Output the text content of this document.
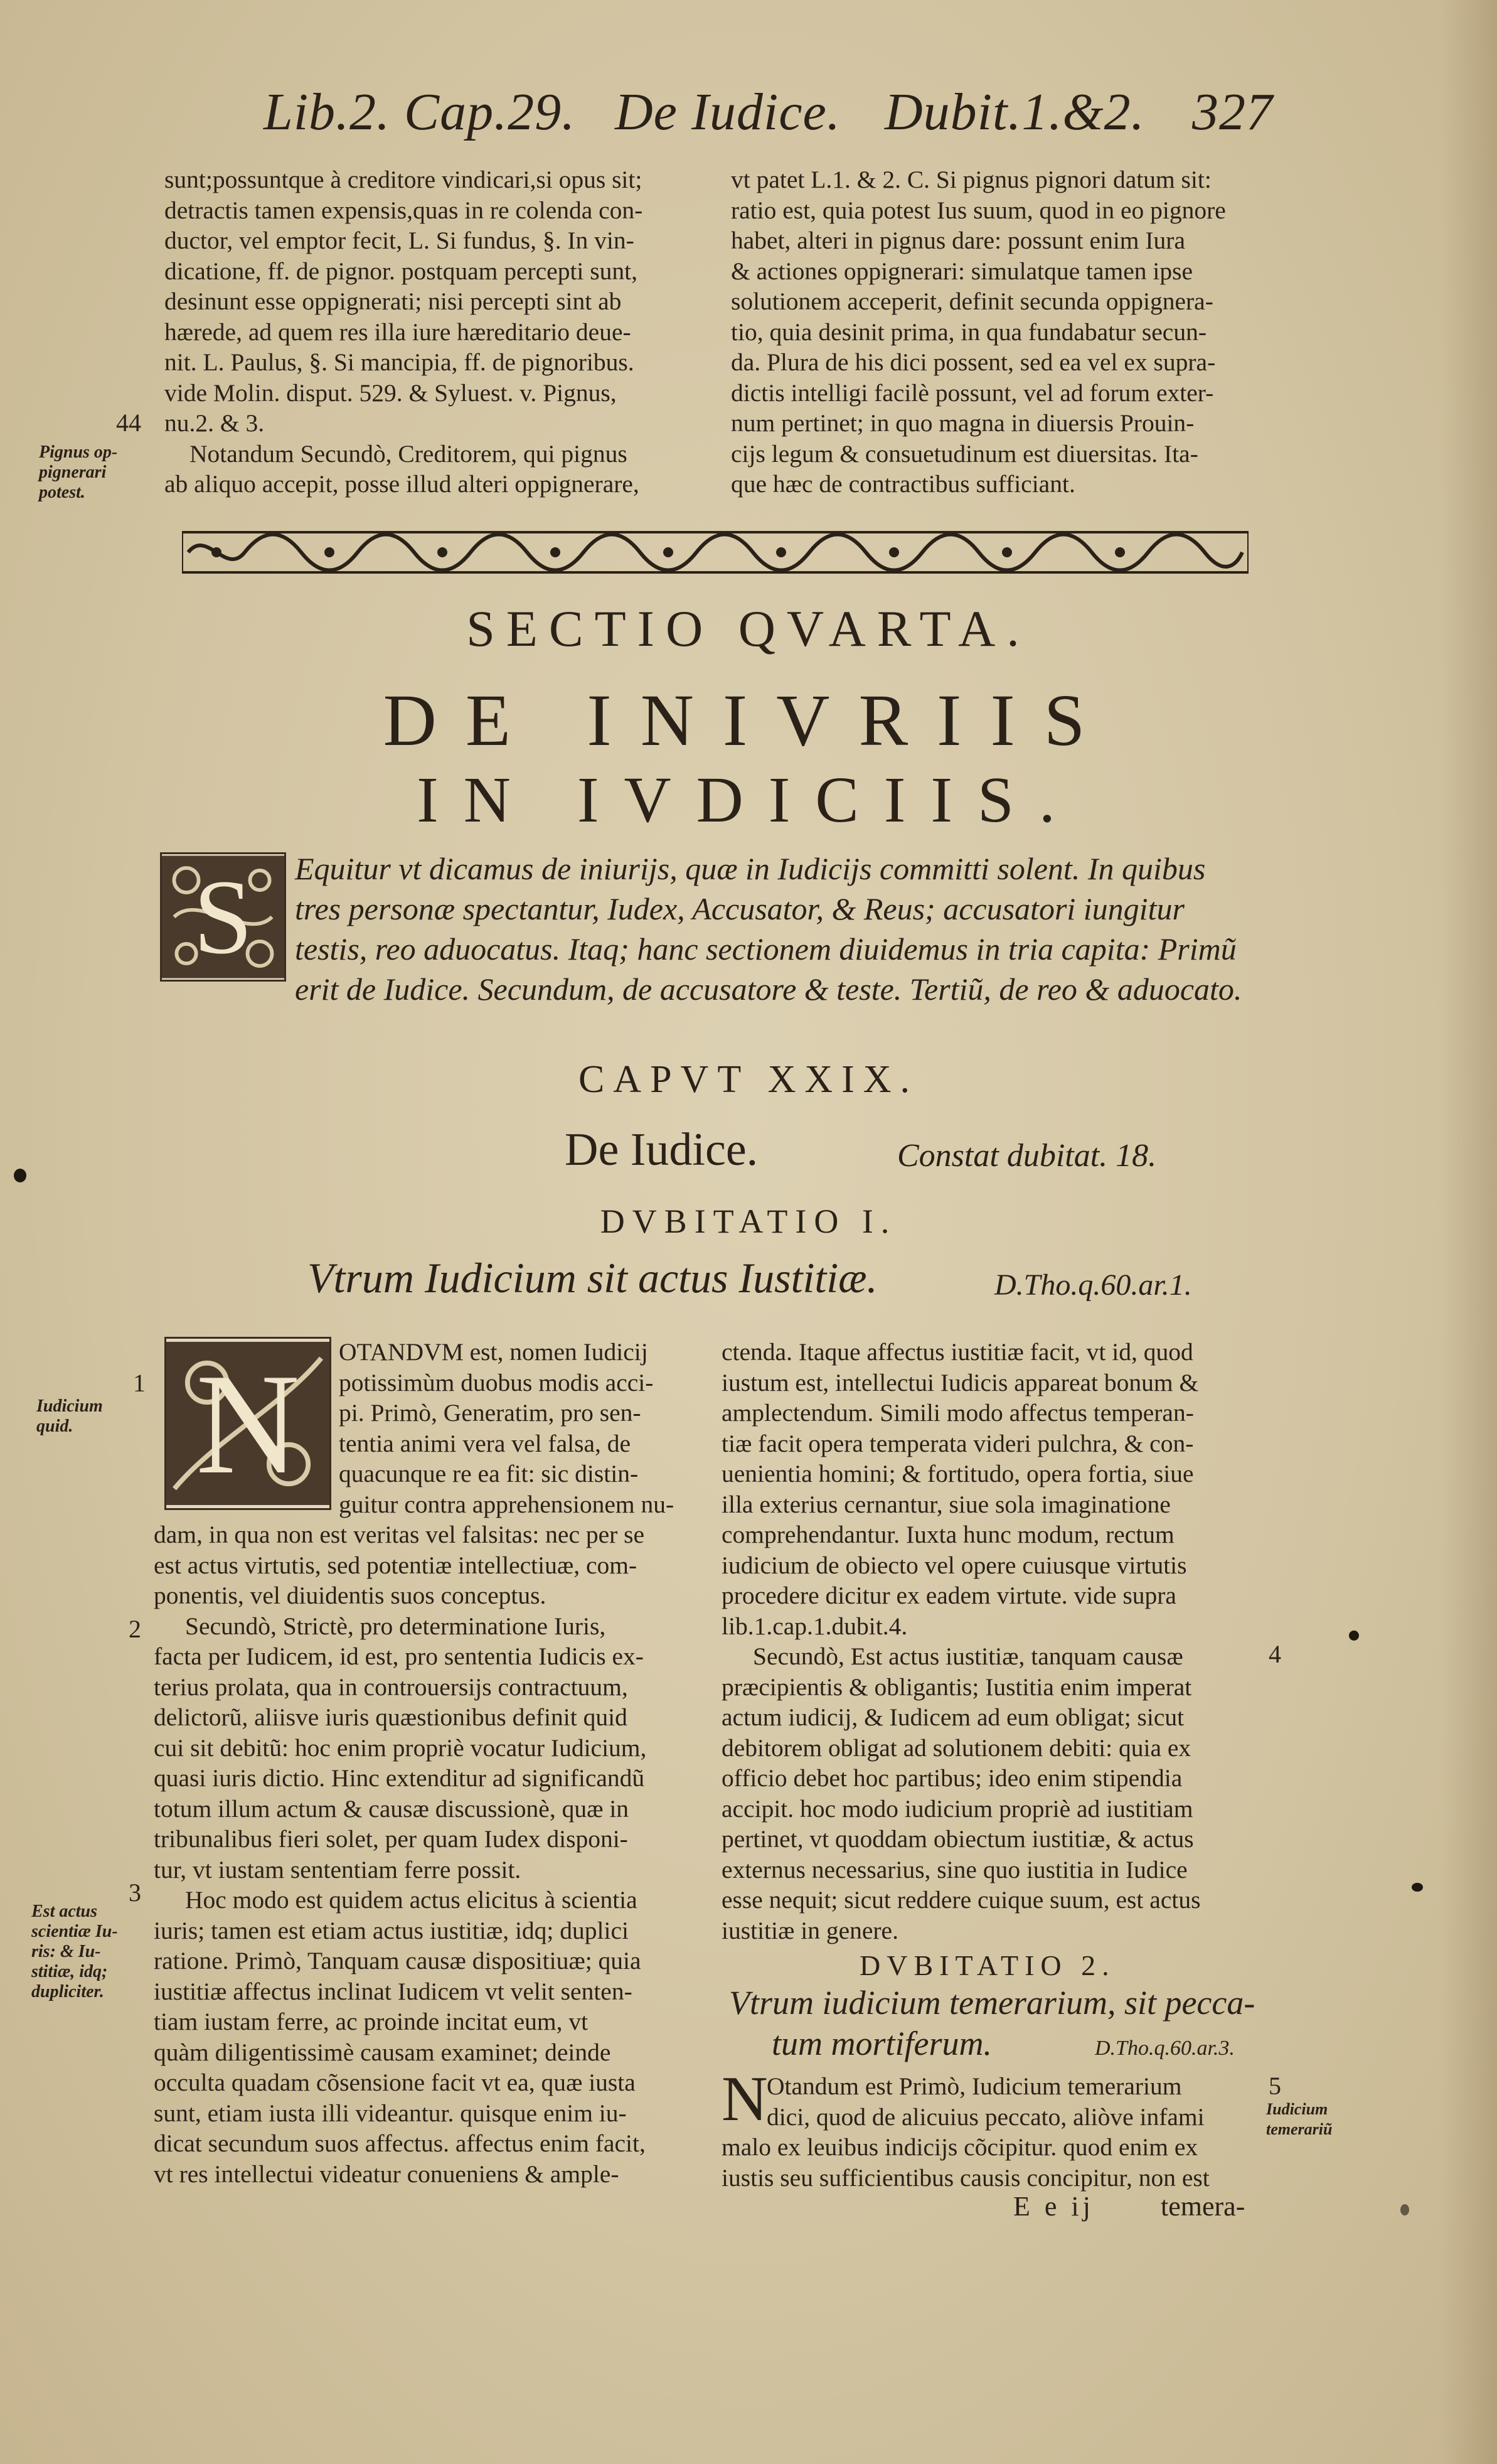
Lib.2. Cap.29. De Iudice. Dubit.1.&2. 327
sunt;possuntque à creditore vindicari,si opus sit;
detractis tamen expensis,quas in re colenda con-
ductor, vel emptor fecit, L. Si fundus, §. In vin-
dicatione, ff. de pignor. postquam percepti sunt,
desinunt esse oppignerati; nisi percepti sint ab
hærede, ad quem res illa iure hæreditario deue-
nit. L. Paulus, §. Si mancipia, ff. de pignoribus.
vide Molin. disput. 529. & Syluest. v. Pignus,
nu.2. & 3.
Notandum Secundò, Creditorem, qui pignus
ab aliquo accepit, posse illud alteri oppignerare,
vt patet L.1. & 2. C. Si pignus pignori datum sit:
ratio est, quia potest Ius suum, quod in eo pignore
habet, alteri in pignus dare: possunt enim Iura
& actiones oppignerari: simulatque tamen ipse
solutionem acceperit, definit secunda oppignera-
tio, quia desinit prima, in qua fundabatur secun-
da. Plura de his dici possent, sed ea vel ex supra-
dictis intelligi facilè possunt, vel ad forum exter-
num pertinet; in quo magna in diuersis Prouin-
cijs legum & consuetudinum est diuersitas. Ita-
que hæc de contractibus sufficiant.
44
Pignus op-
pignerari
potest.
SECTIO QVARTA.
DE INIVRIIS
IN IVDICIIS.
S	Equitur vt dicamus de iniurijs, quæ in Iudicijs committi solent. In quibus
tres personæ spectantur, Iudex, Accusator, & Reus; accusatori iungitur
testis, reo aduocatus. Itaq; hanc sectionem diuidemus in tria capita: Primũ
erit de Iudice. Secundum, de accusatore & teste. Tertiũ, de reo & aduocato.
CAPVT XXIX.
De Iudice.	Constat dubitat. 18.
DVBITATIO I.
Vtrum Iudicium sit actus Iustitiæ.	D.Tho.q.60.ar.1.
N	OTANDVM est, nomen Iudicij
potissimùm duobus modis acci-
pi. Primò, Generatim, pro sen-
tentia animi vera vel falsa, de
quacunque re ea fit: sic distin-
guitur contra apprehensionem nu-
dam, in qua non est veritas vel falsitas: nec per se
est actus virtutis, sed potentiæ intellectiuæ, com-
ponentis, vel diuidentis suos conceptus.
Secundò, Strictè, pro determinatione Iuris,
facta per Iudicem, id est, pro sententia Iudicis ex-
terius prolata, qua in controuersijs contractuum,
delictorũ, aliisve iuris quæstionibus definit quid
cui sit debitũ: hoc enim propriè vocatur Iudicium,
quasi iuris dictio. Hinc extenditur ad significandũ
totum illum actum & causæ discussionè, quæ in
tribunalibus fieri solet, per quam Iudex disponi-
tur, vt iustam sententiam ferre possit.
Hoc modo est quidem actus elicitus à scientia
iuris; tamen est etiam actus iustitiæ, idq; duplici
ratione. Primò, Tanquam causæ dispositiuæ; quia
iustitiæ affectus inclinat Iudicem vt velit senten-
tiam iustam ferre, ac proinde incitat eum, vt
quàm diligentissimè causam examinet; deinde
occulta quadam cõsensione facit vt ea, quæ iusta
sunt, etiam iusta illi videantur. quisque enim iu-
dicat secundum suos affectus. affectus enim facit,
vt res intellectui videatur conueniens & ample-
1
Iudicium
quid.
2
3
Est actus
scientiæ Iu-
ris: & Iu-
stitiæ, idq;
dupliciter.
ctenda. Itaque affectus iustitiæ facit, vt id, quod
iustum est, intellectui Iudicis appareat bonum &
amplectendum. Simili modo affectus temperan-
tiæ facit opera temperata videri pulchra, & con-
uenientia homini; & fortitudo, opera fortia, siue
illa exterius cernantur, siue sola imaginatione
comprehendantur. Iuxta hunc modum, rectum
iudicium de obiecto vel opere cuiusque virtutis
procedere dicitur ex eadem virtute. vide supra
lib.1.cap.1.dubit.4.
Secundò, Est actus iustitiæ, tanquam causæ
præcipientis & obligantis; Iustitia enim imperat
actum iudicij, & Iudicem ad eum obligat; sicut
debitorem obligat ad solutionem debiti: quia ex
officio debet hoc partibus; ideo enim stipendia
accipit. hoc modo iudicium propriè ad iustitiam
pertinet, vt quoddam obiectum iustitiæ, & actus
externus necessarius, sine quo iustitia in Iudice
esse nequit; sicut reddere cuique suum, est actus
iustitiæ in genere.
4
DVBITATIO 2.
Vtrum iudicium temerarium, sit pecca-
tum mortiferum.	D.Tho.q.60.ar.3.
N
Otandum est Primò, Iudicium temerarium
dici, quod de alicuius peccato, aliòve infami
malo ex leuibus indicijs cõcipitur. quod enim ex
iustis seu sufficientibus causis concipitur, non est
5
Iudicium
temerariũ
E e ij temera-
